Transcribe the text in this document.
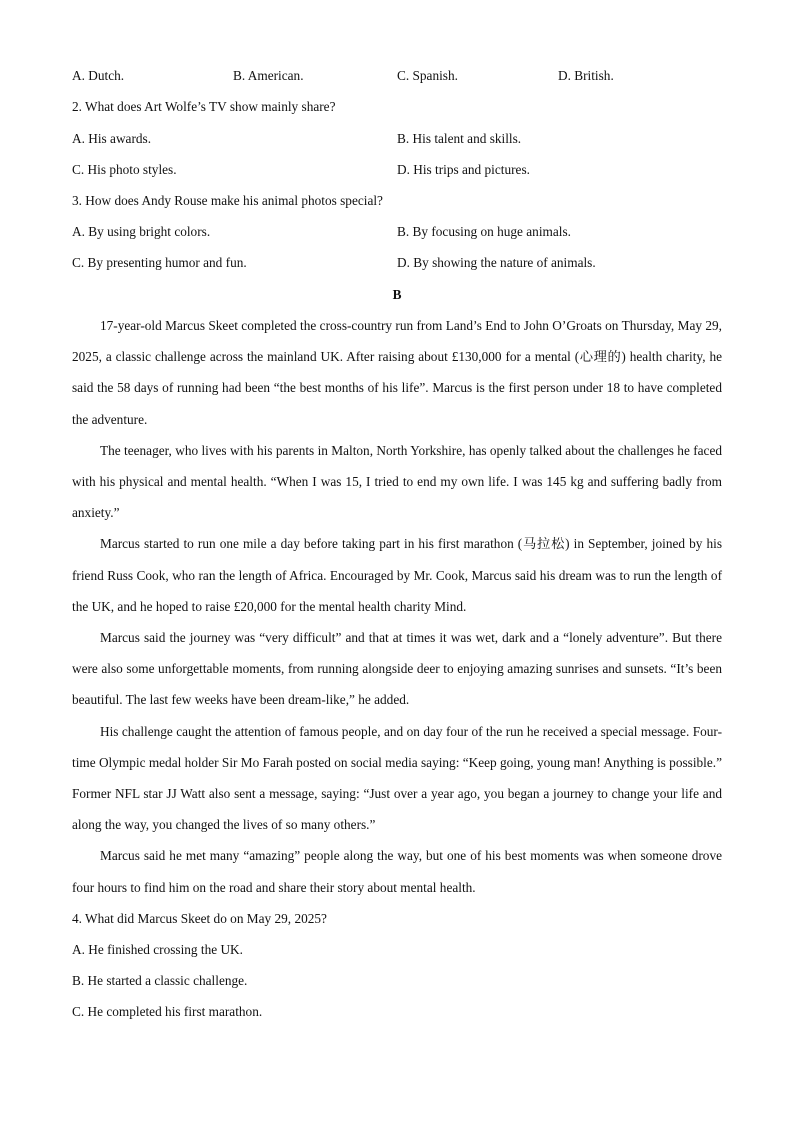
A. Dutch.	B. American.	C. Spanish.	D. British.
2. What does Art Wolfe’s TV show mainly share?
A. His awards.	B. His talent and skills.
C. His photo styles.	D. His trips and pictures.
3. How does Andy Rouse make his animal photos special?
A. By using bright colors.	B. By focusing on huge animals.
C. By presenting humor and fun.	D. By showing the nature of animals.
B

17-year-old Marcus Skeet completed the cross-country run from Land’s End to John O’Groats on Thursday, May 29, 2025, a classic challenge across the mainland UK. After raising about £130,000 for a mental (心理的) health charity, he said the 58 days of running had been “the best months of his life”. Marcus is the first person under 18 to have completed the adventure.

The teenager, who lives with his parents in Malton, North Yorkshire, has openly talked about the challenges he faced with his physical and mental health. “When I was 15, I tried to end my own life. I was 145 kg and suffering badly from anxiety.”

Marcus started to run one mile a day before taking part in his first marathon (马拉松) in September, joined by his friend Russ Cook, who ran the length of Africa. Encouraged by Mr. Cook, Marcus said his dream was to run the length of the UK, and he hoped to raise £20,000 for the mental health charity Mind.

Marcus said the journey was “very difficult” and that at times it was wet, dark and a “lonely adventure”. But there were also some unforgettable moments, from running alongside deer to enjoying amazing sunrises and sunsets. “It’s been beautiful. The last few weeks have been dream-like,” he added.

His challenge caught the attention of famous people, and on day four of the run he received a special message. Four-time Olympic medal holder Sir Mo Farah posted on social media saying: “Keep going, young man! Anything is possible.” Former NFL star JJ Watt also sent a message, saying: “Just over a year ago, you began a journey to change your life and along the way, you changed the lives of so many others.”

Marcus said he met many “amazing” people along the way, but one of his best moments was when someone drove four hours to find him on the road and share their story about mental health.

4. What did Marcus Skeet do on May 29, 2025?
A. He finished crossing the UK.
B. He started a classic challenge.
C. He completed his first marathon.
